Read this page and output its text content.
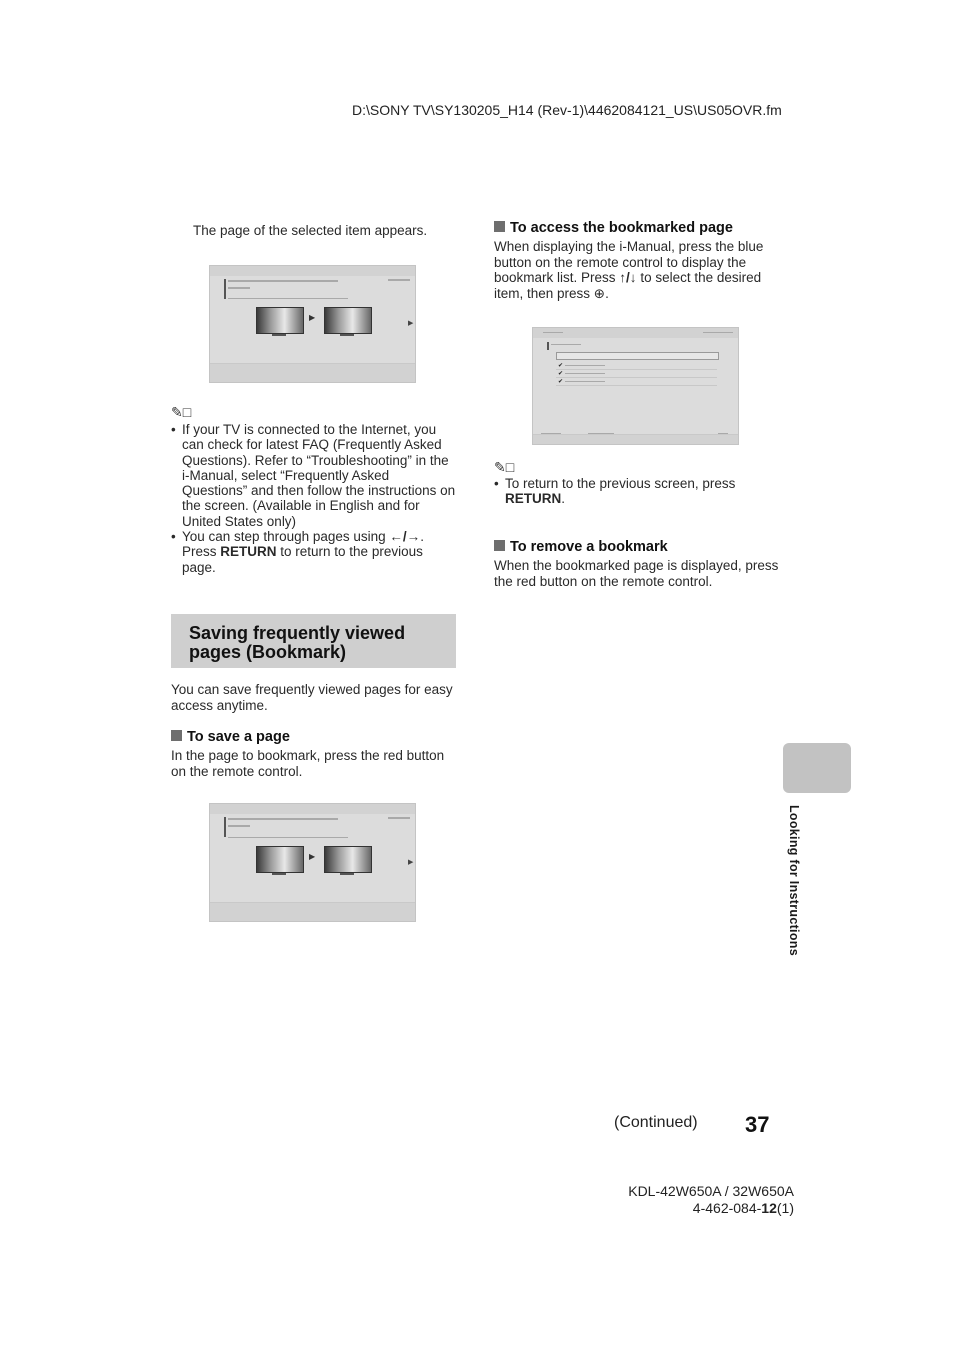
D:\SONY TV\SY130205_H14 (Rev-1)\4462084121_US\US05OVR.fm
The page of the selected item appears.
▶
▶
✎□
• If your TV is connected to the Internet, you can check for latest FAQ (Frequently Asked Questions). Refer to “Troubleshooting” in the i-Manual, select “Frequently Asked Questions” and then follow the instructions on the screen. (Available in English and for United States only)
• You can step through pages using ←/→. Press RETURN to return to the previous page.
Saving frequently viewed pages (Bookmark)
You can save frequently viewed pages for easy access anytime.
To save a page
In the page to bookmark, press the red button on the remote control.
▶
▶
To access the bookmarked page
When displaying the i-Manual, press the blue button on the remote control to display the bookmark list. Press ↑/↓ to select the desired item, then press ⊕.
✔
✔
✔
✎□
• To return to the previous screen, press RETURN.
To remove a bookmark
When the bookmarked page is displayed, press the red button on the remote control.
Looking for Instructions
(Continued) 37
KDL-42W650A / 32W650A
4-462-084-12(1)
